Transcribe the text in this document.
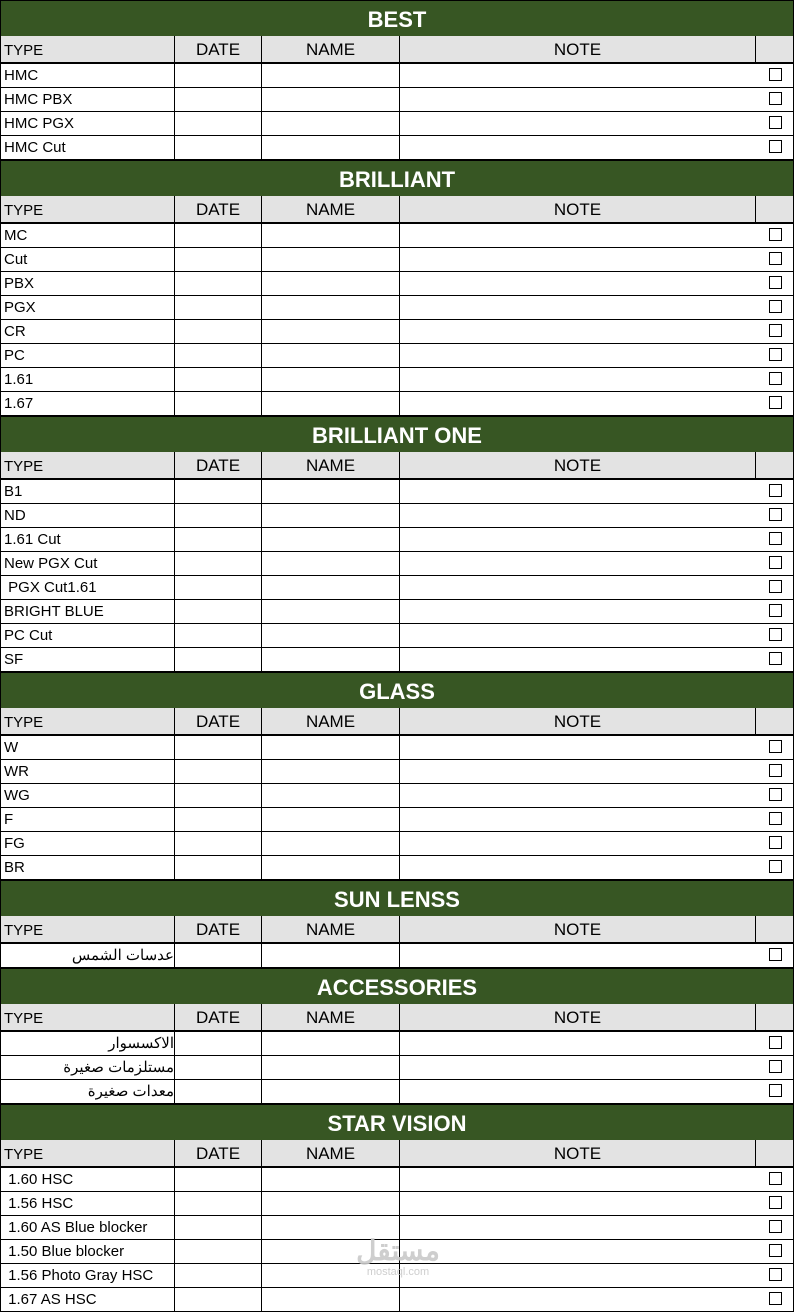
BEST
TYPE	DATE	NAME	NOTE
HMC
HMC PBX
HMC PGX
HMC Cut
BRILLIANT
TYPE	DATE	NAME	NOTE
MC
Cut
PBX
PGX
CR
PC
1.61
1.67
BRILLIANT ONE
TYPE	DATE	NAME	NOTE
B1
ND
1.61 Cut
New PGX Cut
PGX Cut1.61
BRIGHT BLUE
PC Cut
SF
GLASS
TYPE	DATE	NAME	NOTE
W
WR
WG
F
FG
BR
SUN LENSS
TYPE	DATE	NAME	NOTE
عدسات الشمس
ACCESSORIES
TYPE	DATE	NAME	NOTE
الاكسسوار
مستلزمات صغيرة
معدات صغيرة
STAR VISION
TYPE	DATE	NAME	NOTE
1.60 HSC
1.56 HSC
1.60 AS Blue blocker
1.50 Blue blocker
1.56 Photo Gray HSC
1.67 AS HSC
مستقل
mostaql.com
